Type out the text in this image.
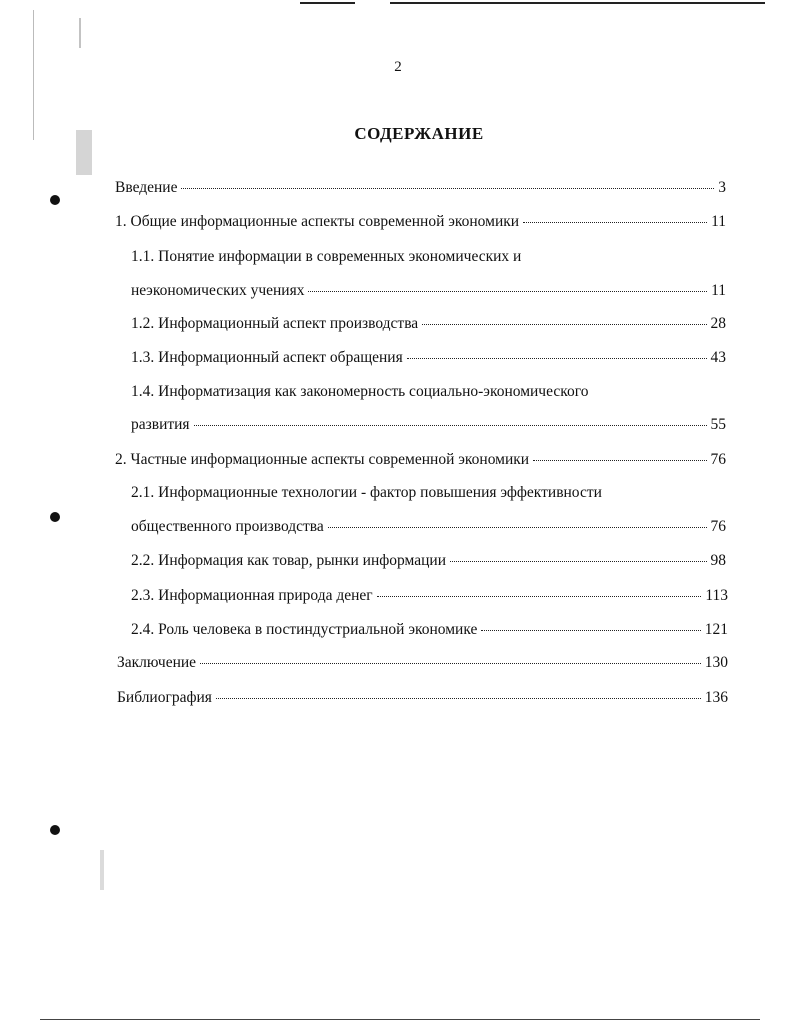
2
СОДЕРЖАНИЕ
Введение	3
1. Общие информационные аспекты современной экономики	11
1.1. Понятие информации в современных экономических и
неэкономических учениях	11
1.2. Информационный аспект производства	28
1.3. Информационный аспект обращения	43
1.4. Информатизация как закономерность социально-экономического
развития	55
2. Частные информационные аспекты современной экономики	76
2.1. Информационные технологии - фактор повышения эффективности
общественного производства	76
2.2. Информация как товар, рынки информации	98
2.3. Информационная природа денег	113
2.4. Роль человека в постиндустриальной экономике	121
Заключение	130
Библиография	136
